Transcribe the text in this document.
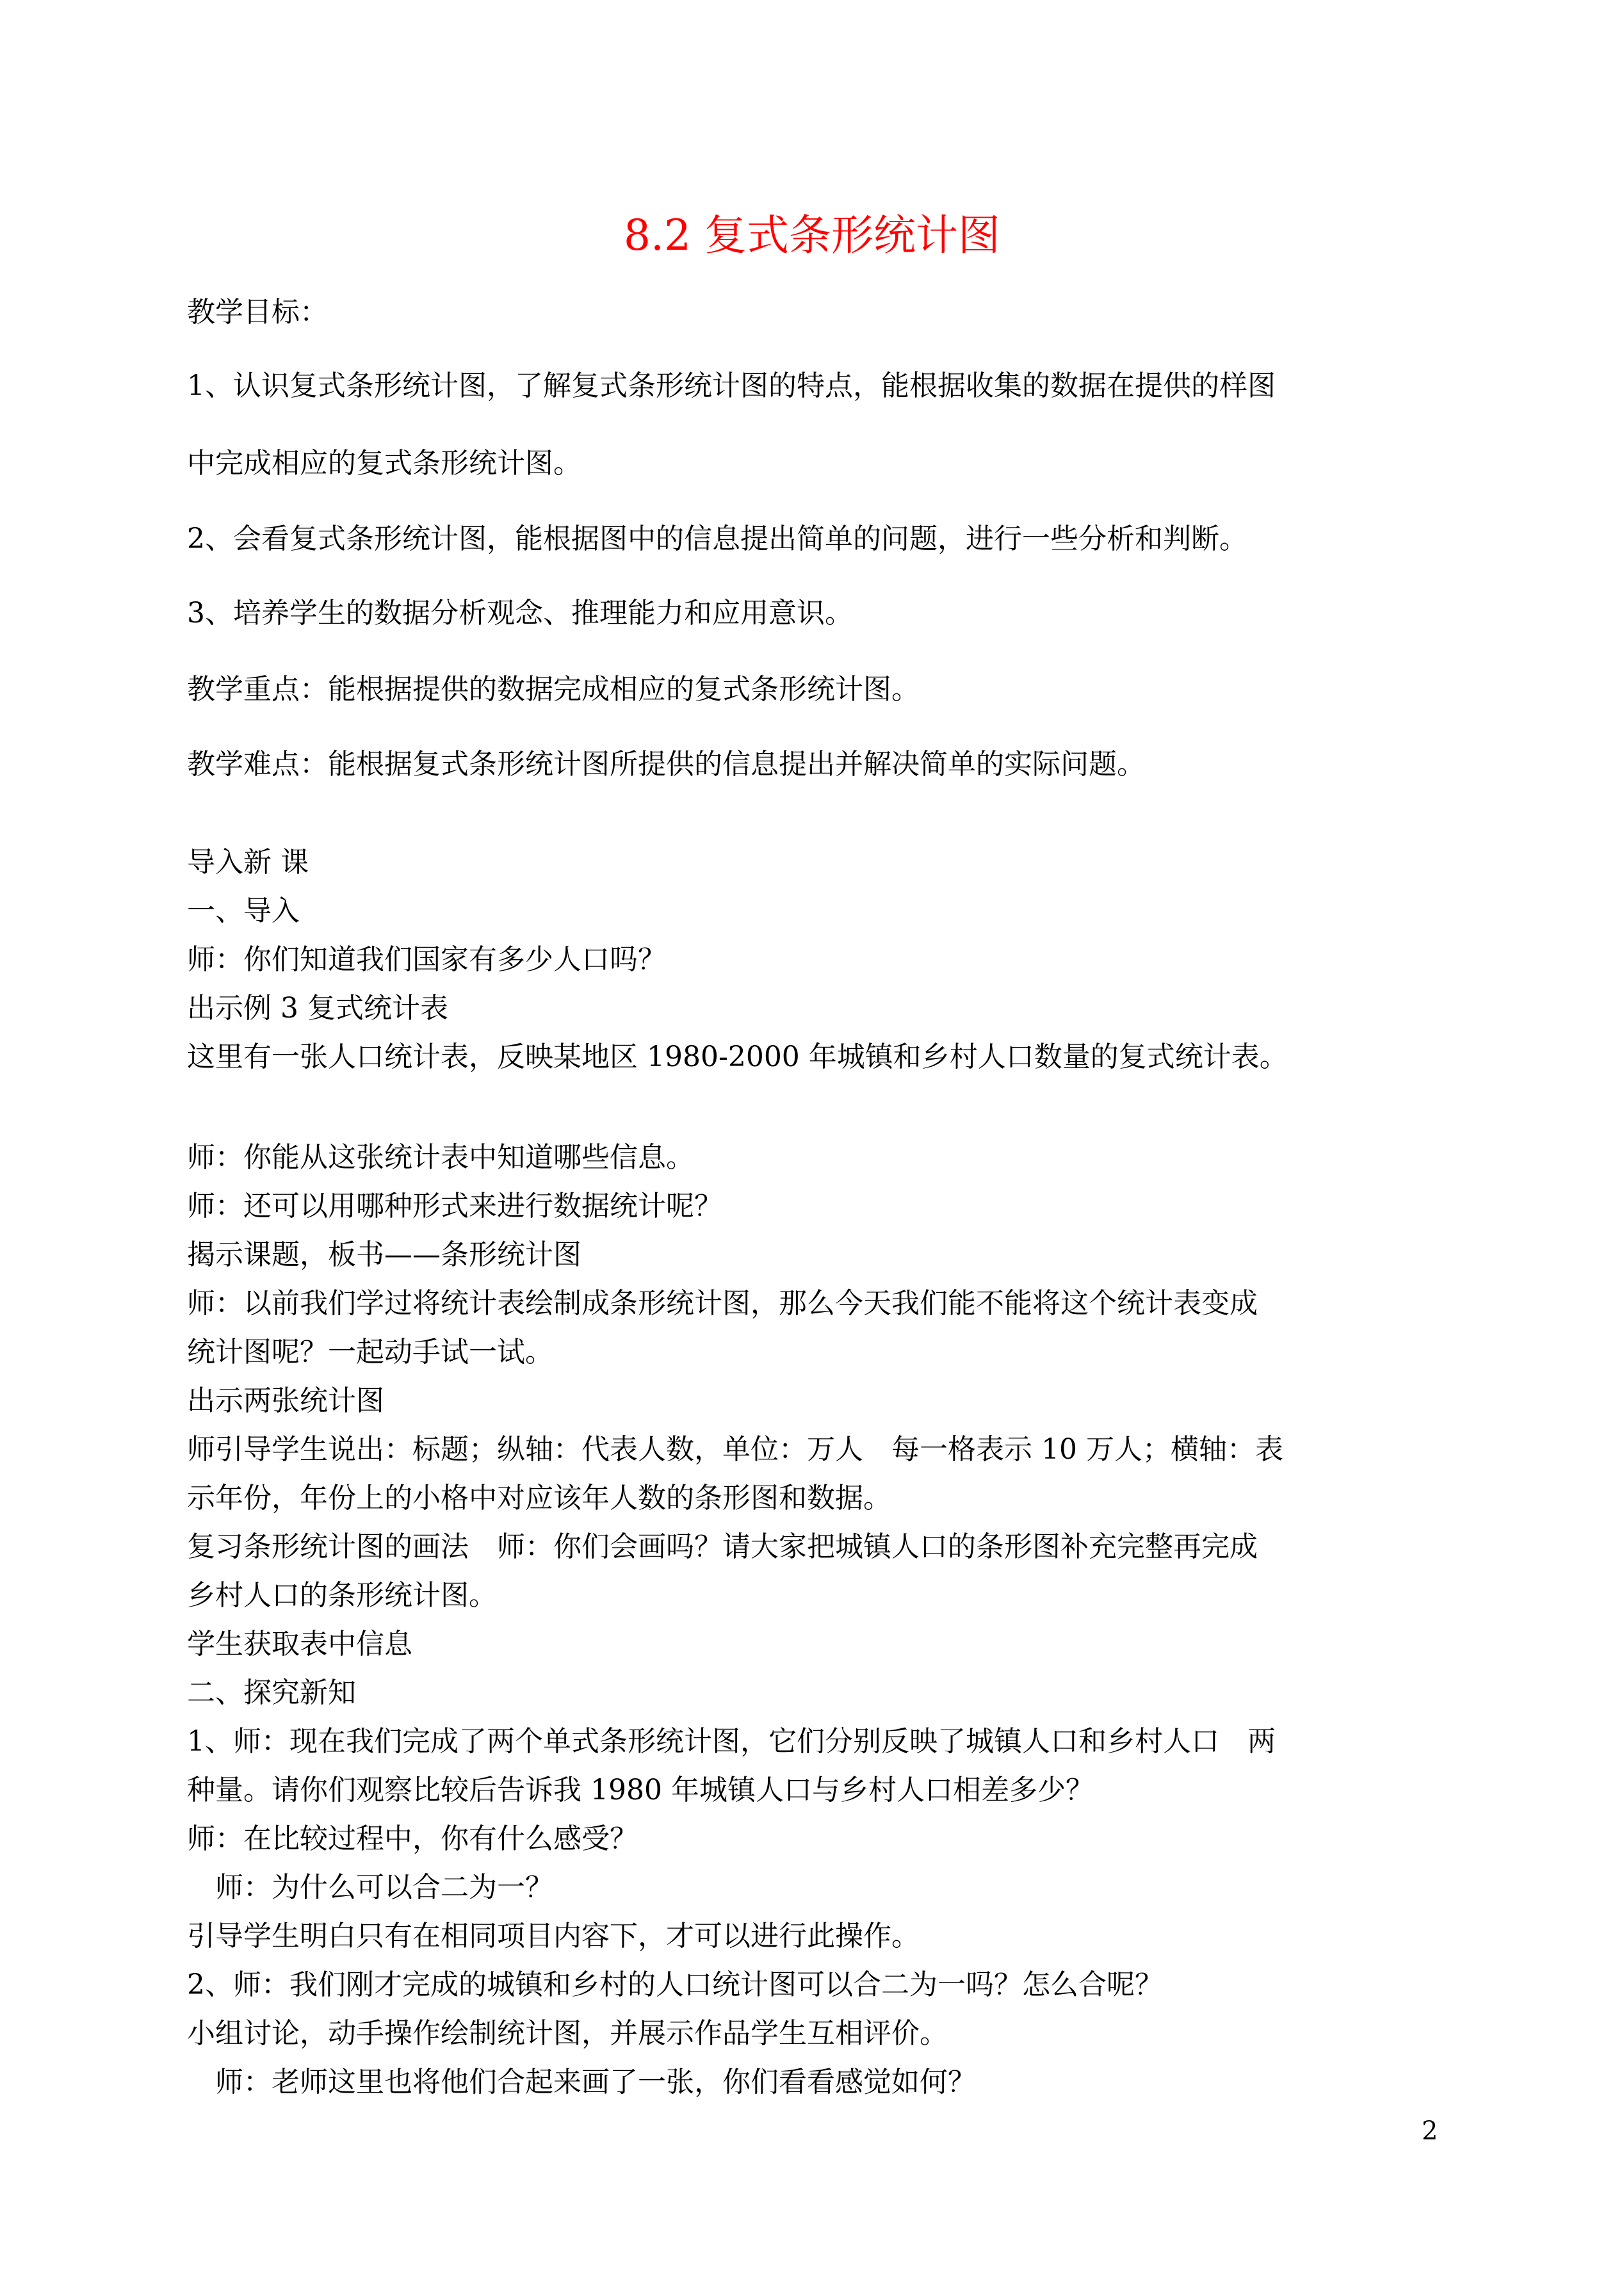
8.2 复式条形统计图
教学目标：
1、认识复式条形统计图，了解复式条形统计图的特点，能根据收集的数据在提供的样图
中完成相应的复式条形统计图。
2、会看复式条形统计图，能根据图中的信息提出简单的问题，进行一些分析和判断。
3、培养学生的数据分析观念、推理能力和应用意识。
教学重点：能根据提供的数据完成相应的复式条形统计图。
教学难点：能根据复式条形统计图所提供的信息提出并解决简单的实际问题。
导入新 课
一、导入
师：你们知道我们国家有多少人口吗？
出示例 3 复式统计表
这里有一张人口统计表，反映某地区 1980-2000 年城镇和乡村人口数量的复式统计表。
师：你能从这张统计表中知道哪些信息。
师：还可以用哪种形式来进行数据统计呢？
揭示课题，板书——条形统计图
师：以前我们学过将统计表绘制成条形统计图，那么今天我们能不能将这个统计表变成
统计图呢？一起动手试一试。
出示两张统计图
师引导学生说出：标题；纵轴：代表人数，单位：万人　每一格表示 10 万人；横轴：表
示年份，年份上的小格中对应该年人数的条形图和数据。
复习条形统计图的画法　师：你们会画吗？请大家把城镇人口的条形图补充完整再完成
乡村人口的条形统计图。
学生获取表中信息
二、探究新知
1、师：现在我们完成了两个单式条形统计图，它们分别反映了城镇人口和乡村人口　两
种量。请你们观察比较后告诉我 1980 年城镇人口与乡村人口相差多少？
师：在比较过程中，你有什么感受？
　师：为什么可以合二为一？
引导学生明白只有在相同项目内容下，才可以进行此操作。
2、师：我们刚才完成的城镇和乡村的人口统计图可以合二为一吗？怎么合呢？
小组讨论，动手操作绘制统计图，并展示作品学生互相评价。
　师：老师这里也将他们合起来画了一张，你们看看感觉如何？
2
